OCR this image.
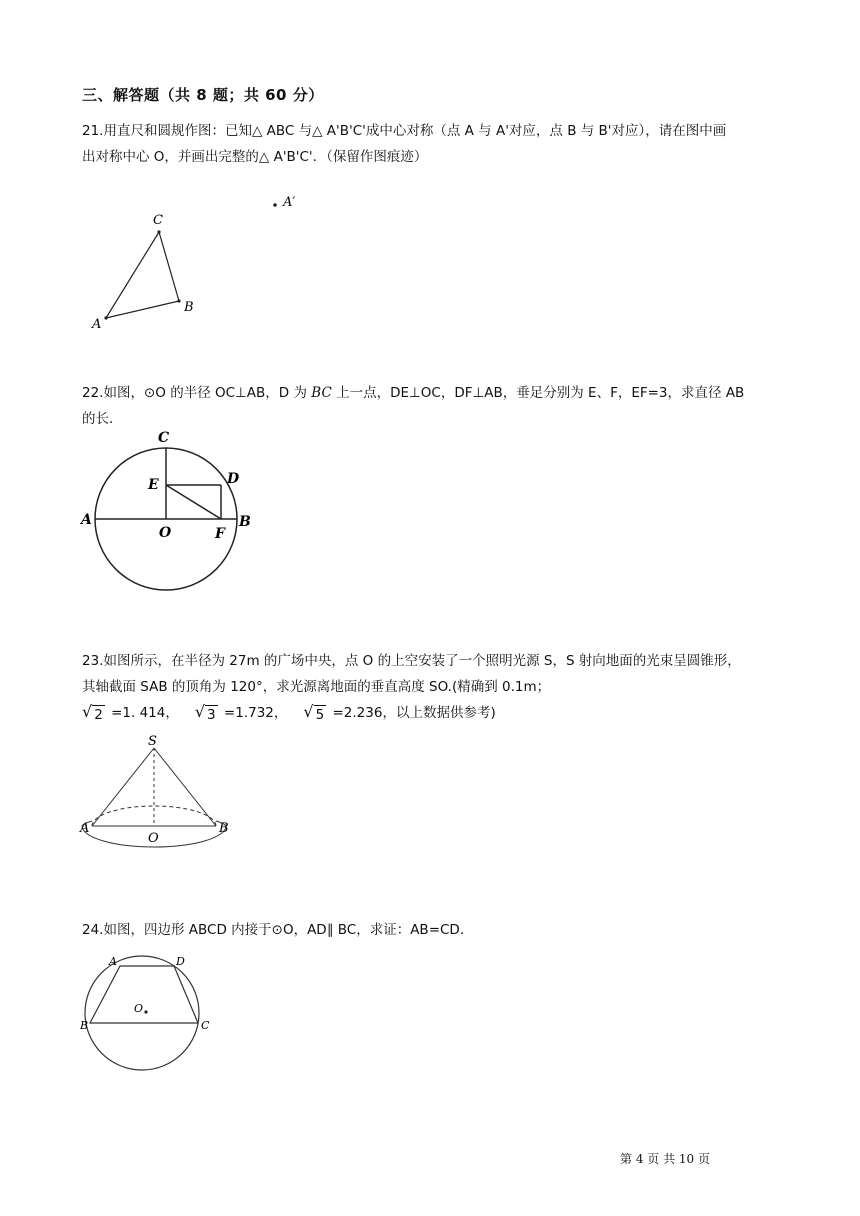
三、解答题（共 8 题；共 60 分）
21.用直尺和圆规作图：已知△ ABC 与△ A'B'C'成中心对称（点 A 与 A'对应，点 B 与 B'对应），请在图中画
出对称中心 O，并画出完整的△ A'B'C'．（保留作图痕迹）
A
C
B
A′
22.如图，⊙O 的半径 OC⊥AB，D 为 BC 上一点，DE⊥OC，DF⊥AB，垂足分别为 E、F，EF=3，求直径 AB
的长．
C
D
E
A	B
O	F
23.如图所示，在半径为 27m 的广场中央，点 O 的上空安装了一个照明光源 S，S 射向地面的光束呈圆锥形，
其轴截面 SAB 的顶角为 120°，求光源离地面的垂直高度 SO.(精确到 0.1m；
√ 2 =1. 414， √ 3 =1.732， √ 5 =2.236，以上数据供参考)
S
A	B
O
24.如图，四边形 ABCD 内接于⊙O，AD∥ BC，求证：AB=CD．
A	D
B	C
O
第 4 页 共 10 页
